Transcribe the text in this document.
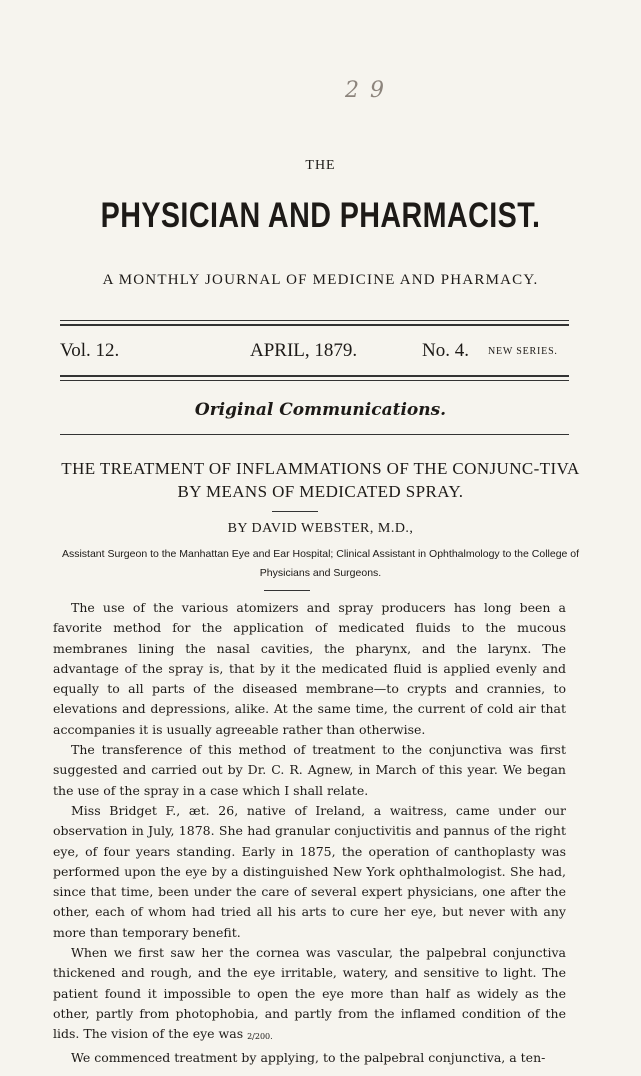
2 9
THE
PHYSICIAN AND PHARMACIST.
A MONTHLY JOURNAL OF MEDICINE AND PHARMACY.
Vol. 12.	APRIL, 1879.	No. 4. NEW SERIES.
Original Communications.
THE TREATMENT OF INFLAMMATIONS OF THE CONJUNC-TIVA BY MEANS OF MEDICATED SPRAY.
BY DAVID WEBSTER, M.D.,
Assistant Surgeon to the Manhattan Eye and Ear Hospital; Clinical Assistant in Ophthalmology to the College of Physicians and Surgeons.

The use of the various atomizers and spray producers has long been a favorite method for the application of medicated fluids to the mucous membranes lining the nasal cavities, the pharynx, and the larynx. The advantage of the spray is, that by it the medicated fluid is applied evenly and equally to all parts of the diseased membrane—to crypts and crannies, to elevations and depressions, alike. At the same time, the current of cold air that accompanies it is usually agreeable rather than otherwise.

The transference of this method of treatment to the conjunctiva was first suggested and carried out by Dr. C. R. Agnew, in March of this year. We began the use of the spray in a case which I shall relate.

Miss Bridget F., æt. 26, native of Ireland, a waitress, came under our observation in July, 1878. She had granular conjuctivitis and pannus of the right eye, of four years standing. Early in 1875, the operation of canthoplasty was performed upon the eye by a distinguished New York ophthalmologist. She had, since that time, been under the care of several expert physicians, one after the other, each of whom had tried all his arts to cure her eye, but never with any more than temporary benefit.

When we first saw her the cornea was vascular, the palpebral conjunctiva thickened and rough, and the eye irritable, watery, and sensitive to light. The patient found it impossible to open the eye more than half as widely as the other, partly from photophobia, and partly from the inflamed condition of the lids. The vision of the eye was 2/200.

We commenced treatment by applying, to the palpebral conjunctiva, a ten-
